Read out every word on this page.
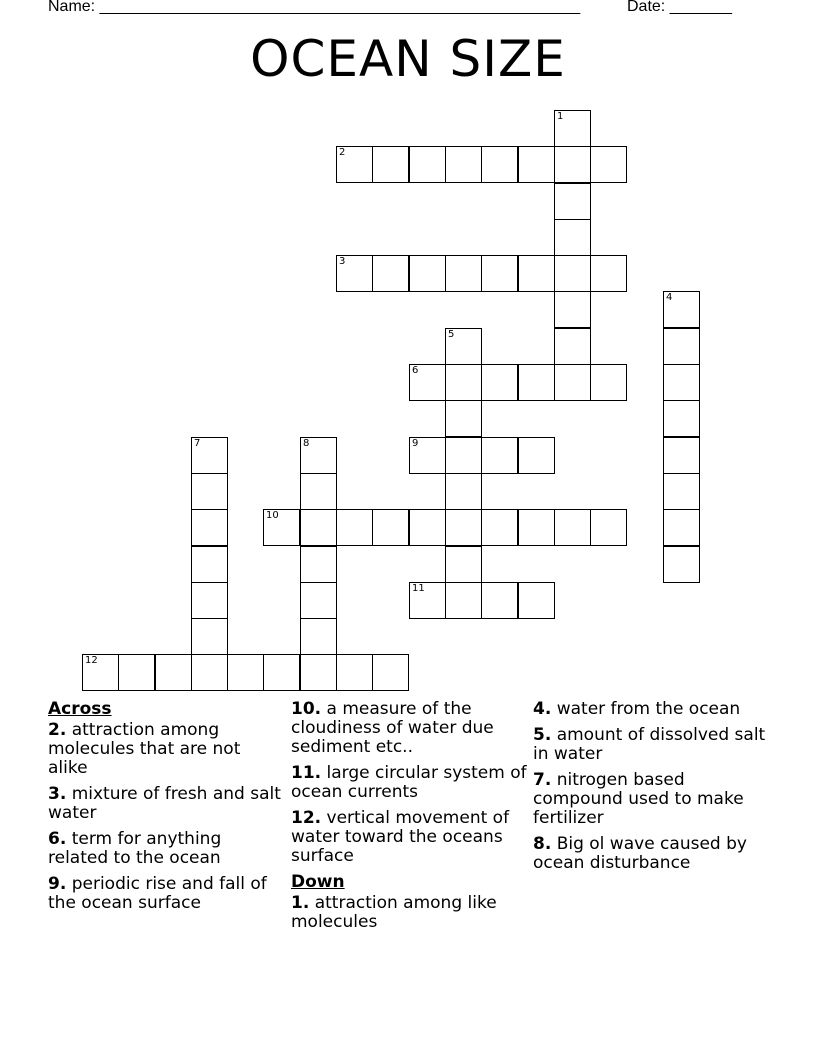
Name: ______________________________________________________	Date: _______
OCEAN SIZE
1
2
3
4
5
6
7	8	9
10
11
12
Across
2. attraction among molecules that are not alike
3. mixture of fresh and salt water
6. term for anything related to the ocean
9. periodic rise and fall of the ocean surface
10. a measure of the cloudiness of water due sediment etc..
11. large circular system of ocean currents
12. vertical movement of water toward the oceans surface
Down
1. attraction among like molecules
4. water from the ocean
5. amount of dissolved salt in water
7. nitrogen based compound used to make fertilizer
8. Big ol wave caused by ocean disturbance
